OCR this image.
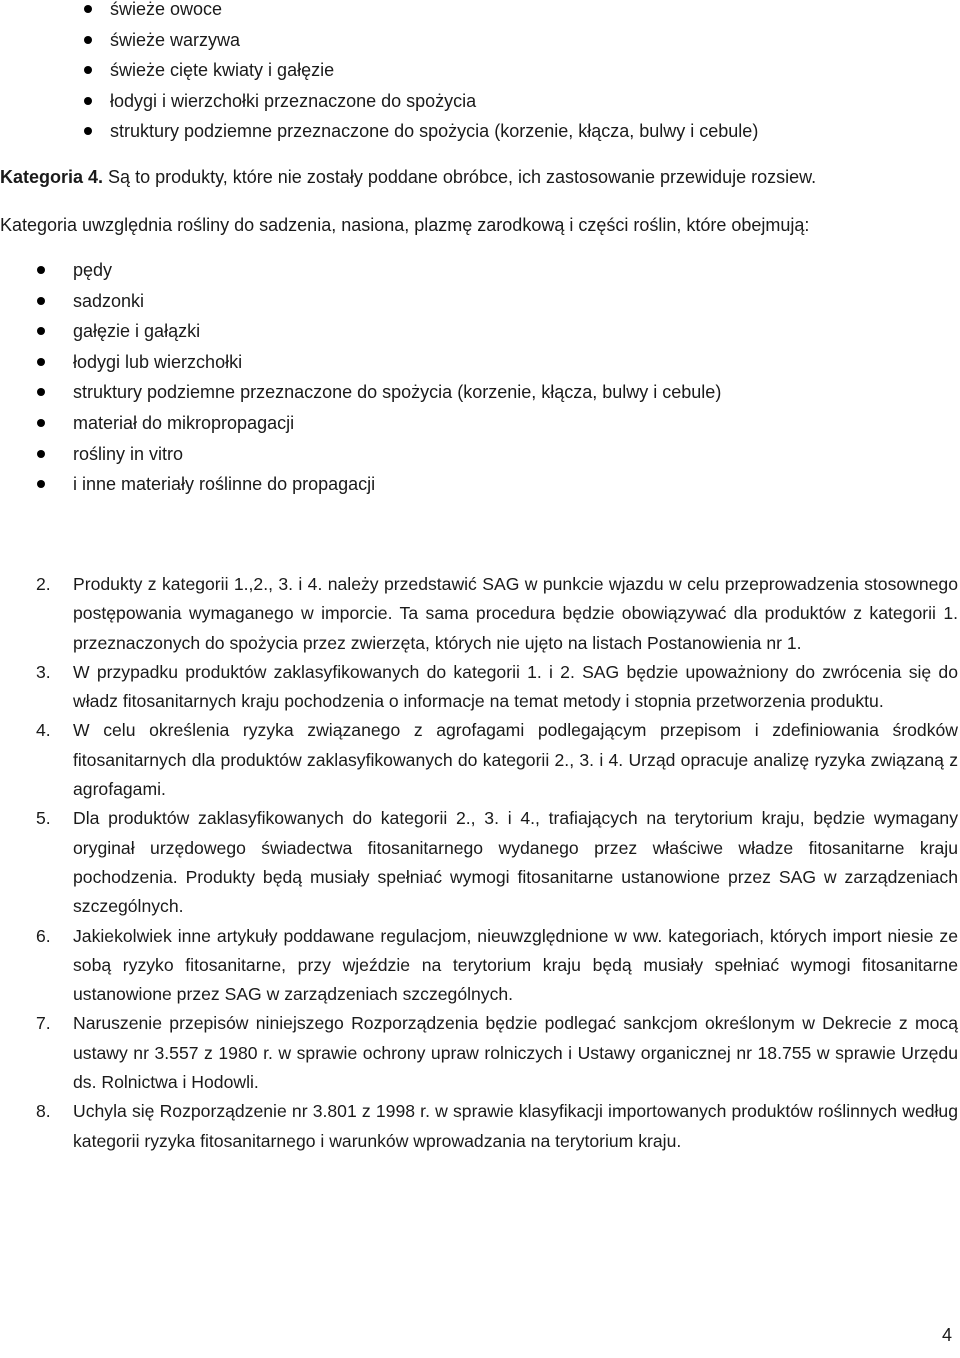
świeże owoce
świeże warzywa
świeże cięte kwiaty i gałęzie
łodygi i wierzchołki przeznaczone do spożycia
struktury podziemne przeznaczone do spożycia (korzenie, kłącza, bulwy i cebule)

Kategoria 4. Są to produkty, które nie zostały poddane obróbce, ich zastosowanie przewiduje rozsiew.

Kategoria uwzględnia rośliny do sadzenia, nasiona, plazmę zarodkową i części roślin, które obejmują:

pędy
sadzonki
gałęzie i gałązki
łodygi lub wierzchołki
struktury podziemne przeznaczone do spożycia (korzenie, kłącza, bulwy i cebule)
materiał do mikropropagacji
rośliny in vitro
i inne materiały roślinne do propagacji
2. Produkty z kategorii 1.,2., 3. i 4. należy przedstawić SAG w punkcie wjazdu w celu przeprowadzenia stosownego postępowania wymaganego w imporcie. Ta sama procedura będzie obowiązywać dla produktów z kategorii 1. przeznaczonych do spożycia przez zwierzęta, których nie ujęto na listach Postanowienia nr 1.
3. W przypadku produktów zaklasyfikowanych do kategorii 1. i 2. SAG będzie upoważniony do zwrócenia się do władz fitosanitarnych kraju pochodzenia o informacje na temat metody i stopnia przetworzenia produktu.
4. W celu określenia ryzyka związanego z agrofagami podlegającym przepisom i zdefiniowania środków fitosanitarnych dla produktów zaklasyfikowanych do kategorii 2., 3. i 4. Urząd opracuje analizę ryzyka związaną z agrofagami.
5. Dla produktów zaklasyfikowanych do kategorii 2., 3. i 4., trafiających na terytorium kraju, będzie wymagany oryginał urzędowego świadectwa fitosanitarnego wydanego przez właściwe władze fitosanitarne kraju pochodzenia. Produkty będą musiały spełniać wymogi fitosanitarne ustanowione przez SAG w zarządzeniach szczególnych.
6. Jakiekolwiek inne artykuły poddawane regulacjom, nieuwzględnione w ww. kategoriach, których import niesie ze sobą ryzyko fitosanitarne, przy wjeździe na terytorium kraju będą musiały spełniać wymogi fitosanitarne ustanowione przez SAG w zarządzeniach szczególnych.
7. Naruszenie przepisów niniejszego Rozporządzenia będzie podlegać sankcjom określonym w Dekrecie z mocą ustawy nr 3.557 z 1980 r. w sprawie ochrony upraw rolniczych i Ustawy organicznej nr 18.755 w sprawie Urzędu ds. Rolnictwa i Hodowli.
8. Uchyla się Rozporządzenie nr 3.801 z 1998 r. w sprawie klasyfikacji importowanych produktów roślinnych według kategorii ryzyka fitosanitarnego i warunków wprowadzania na terytorium kraju.
4
